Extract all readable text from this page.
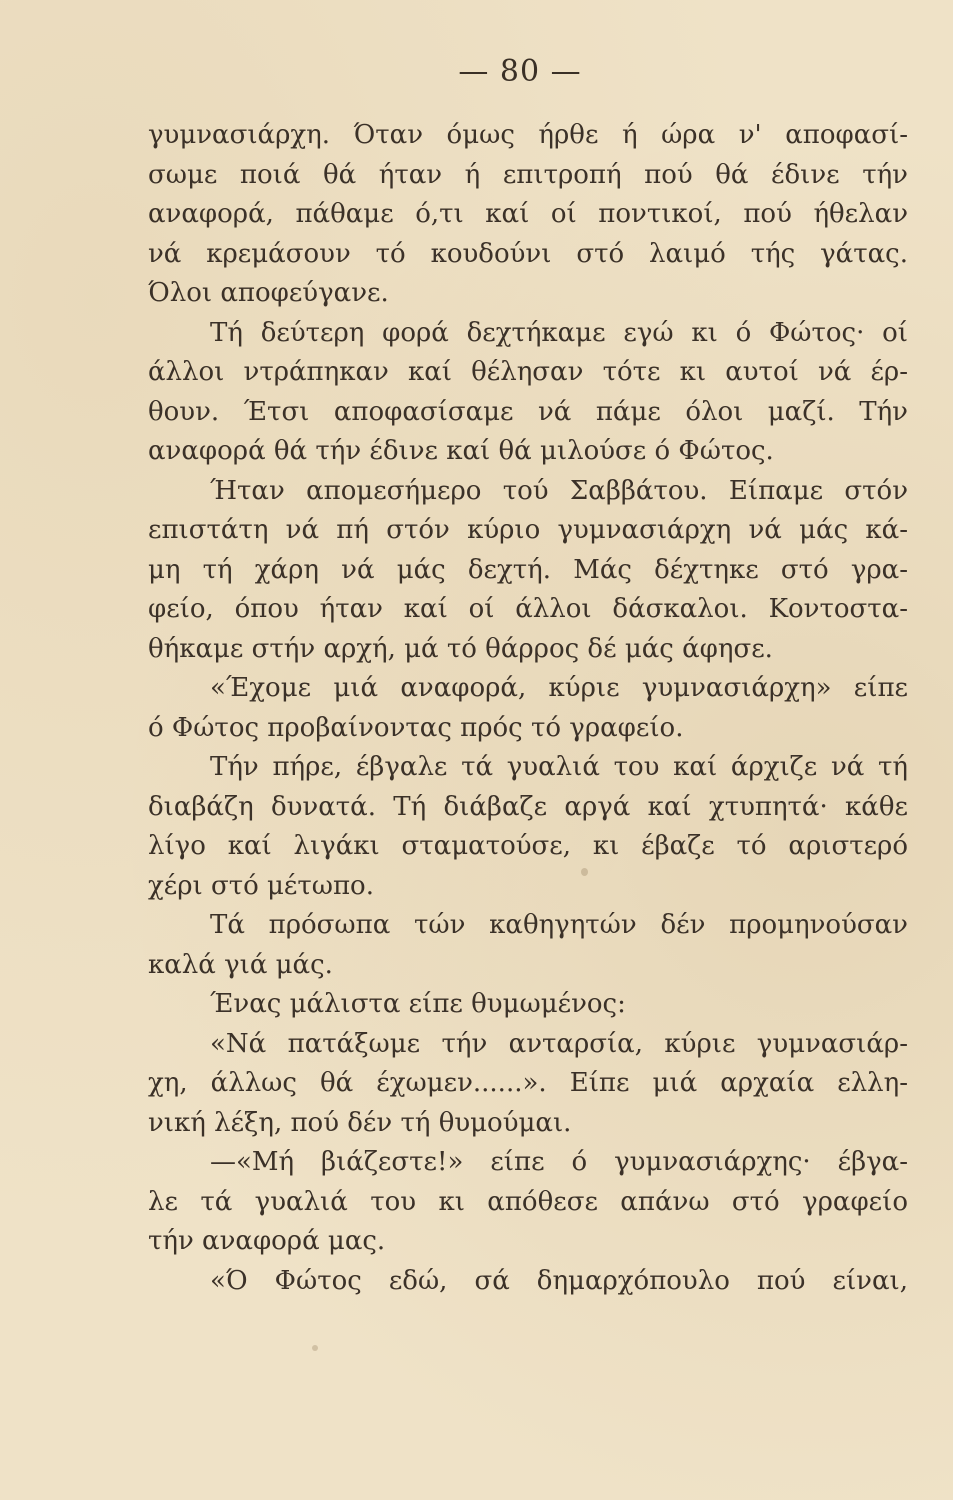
— 80 —
γυμνασιάρχη. Όταν όμως ήρθε ή ώρα ν' αποφασί-
σωμε ποιά θά ήταν ή επιτροπή πού θά έδινε τήν
αναφορά, πάθαμε ό,τι καί οί ποντικοί, πού ήθελαν
νά κρεμάσουν τό κουδούνι στό λαιμό τής γάτας.
Όλοι αποφεύγανε.
Τή δεύτερη φορά δεχτήκαμε εγώ κι ό Φώτος· οί
άλλοι ντράπηκαν καί θέλησαν τότε κι αυτοί νά έρ-
θουν. Έτσι αποφασίσαμε νά πάμε όλοι μαζί. Τήν
αναφορά θά τήν έδινε καί θά μιλούσε ό Φώτος.
Ήταν απομεσήμερο τού Σαββάτου. Είπαμε στόν
επιστάτη νά πή στόν κύριο γυμνασιάρχη νά μάς κά-
μη τή χάρη νά μάς δεχτή. Μάς δέχτηκε στό γρα-
φείο, όπου ήταν καί οί άλλοι δάσκαλοι. Κοντοστα-
θήκαμε στήν αρχή, μά τό θάρρος δέ μάς άφησε.
«Έχομε μιά αναφορά, κύριε γυμνασιάρχη» είπε
ό Φώτος προβαίνοντας πρός τό γραφείο.
Τήν πήρε, έβγαλε τά γυαλιά του καί άρχιζε νά τή
διαβάζη δυνατά. Τή διάβαζε αργά καί χτυπητά· κάθε
λίγο καί λιγάκι σταματούσε, κι έβαζε τό αριστερό
χέρι στό μέτωπο.
Τά πρόσωπα τών καθηγητών δέν προμηνούσαν
καλά γιά μάς.
Ένας μάλιστα είπε θυμωμένος:
«Νά πατάξωμε τήν ανταρσία, κύριε γυμνασιάρ-
χη, άλλως θά έχωμεν......». Είπε μιά αρχαία ελλη-
νική λέξη, πού δέν τή θυμούμαι.
—«Μή βιάζεστε!» είπε ό γυμνασιάρχης· έβγα-
λε τά γυαλιά του κι απόθεσε απάνω στό γραφείο
τήν αναφορά μας.
«Ό Φώτος εδώ, σά δημαρχόπουλο πού είναι,
